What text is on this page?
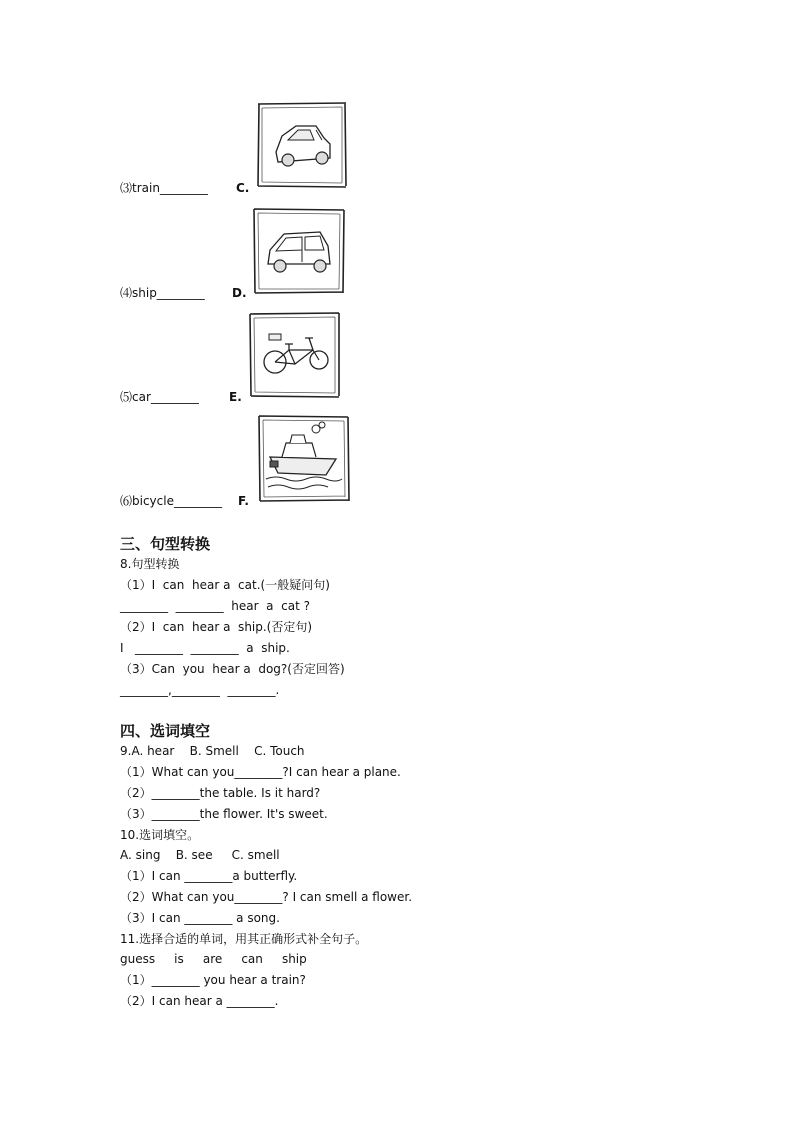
⑶train________ C.
⑷ship________ D.
⑸car________	E.
⑹bicycle________ F.
三、句型转换
8.句型转换
（1）I  can  hear a  cat.(一般疑问句)
________  ________  hear  a  cat ?
（2）I  can  hear a  ship.(否定句)
I   ________  ________  a  ship.
（3）Can  you  hear a  dog?(否定回答)
________,________  ________.
四、选词填空
9.A. hear    B. Smell    C. Touch
（1）What can you________?I can hear a plane.
（2）________the table. Is it hard?
（3）________the flower. It's sweet.
10.选词填空。
A. sing    B. see     C. smell
（1）I can ________a butterfly.
（2）What can you________? I can smell a flower.
（3）I can ________ a song.
11.选择合适的单词，用其正确形式补全句子。
guess     is     are     can     ship
（1）________ you hear a train?
（2）I can hear a ________.
